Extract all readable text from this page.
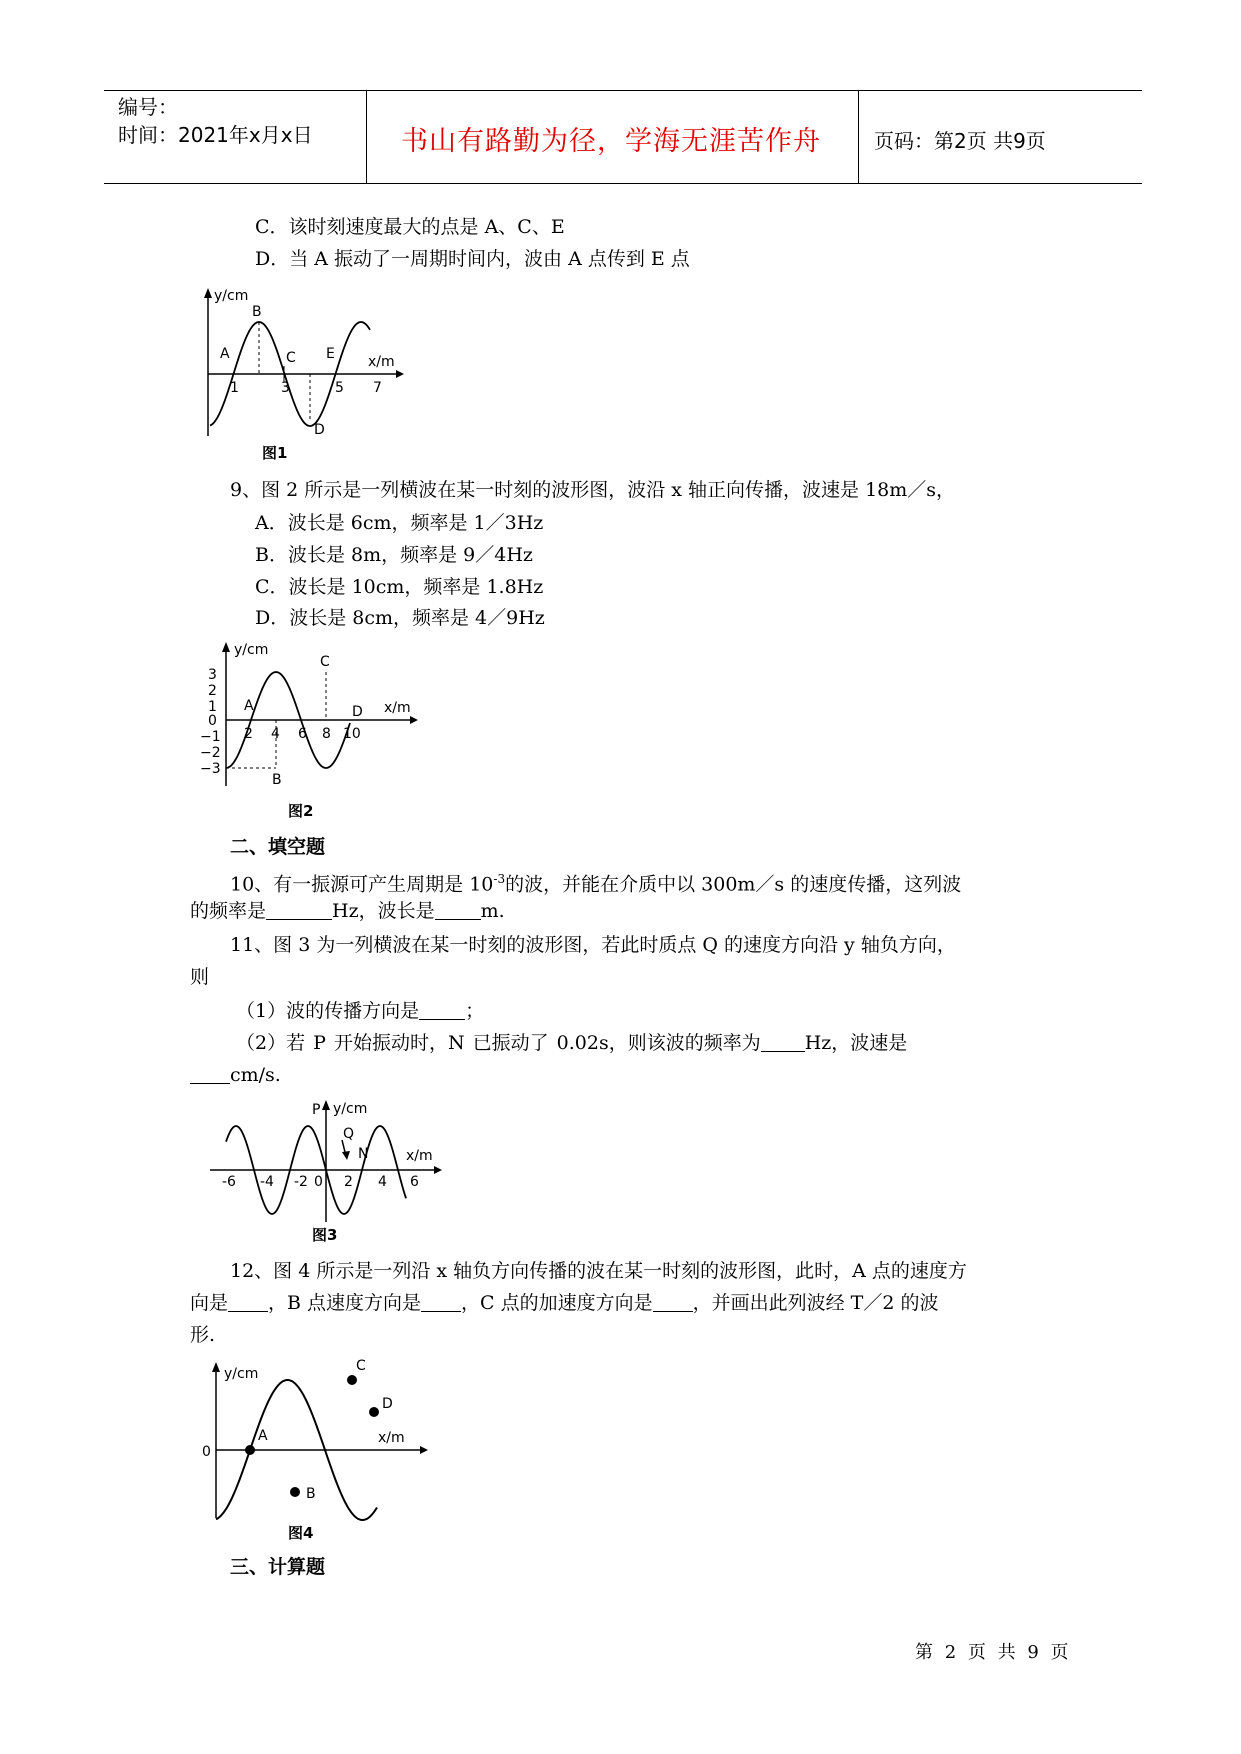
编号：
时间：2021年x月x日	书山有路勤为径，学海无涯苦作舟	页码：第2页 共9页
C．该时刻速度最大的点是 A、C、E
D．当 A 振动了一周期时间内，波由 A 点传到 E 点
y/cm
x/m
A
B
C
D
E
1	3	5 7
图1
9、图 2 所示是一列横波在某一时刻的波形图，波沿 x 轴正向传播，波速是 18m／s，
A．波长是 6cm，频率是 1／3Hz
B．波长是 8m，频率是 9／4Hz
C．波长是 10cm，频率是 1.8Hz
D．波长是 8cm，频率是 4／9Hz
y/cm
x/m
3
2
1
0
−1
−2
−3
2 4 6 8 10
A
B
C
D
图2
二、填空题
10、有一振源可产生周期是 $10^{-3}$的波，并能在介质中以 300m／s 的速度传播，这列波
的频率是	Hz，波长是 m.
11、图 3 为一列横波在某一时刻的波形图，若此时质点 Q 的速度方向沿 y 轴负方向，
则
（1）波的传播方向是 ；
（2）若 P 开始振动时，N 已振动了 0.02s，则该波的频率为 Hz，波速是
cm/s.
y/cm
x/m
P
Q
N
-6 -4 -2 0 2 4 6
图3
12、图 4 所示是一列沿 x 轴负方向传播的波在某一时刻的波形图，此时，A 点的速度方
向是 ，B 点速度方向是 ，C 点的加速度方向是 ，并画出此列波经 T／2 的波
形.
y/cm
x/m
0
A
B
C
D
图4
三、计算题
第 2 页 共 9 页
